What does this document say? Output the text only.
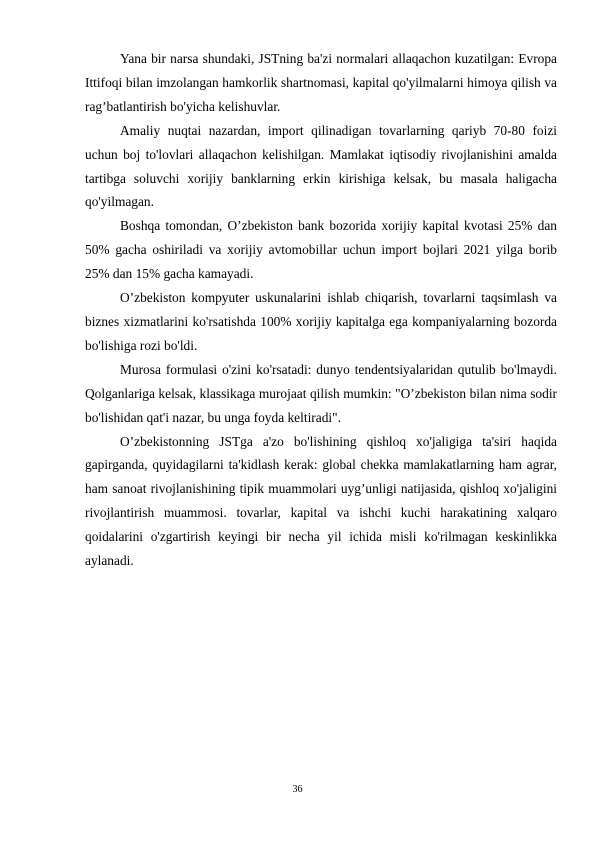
Yana bir narsa shundaki, JSTning ba'zi normalari allaqachon kuzatilgan: Evropa Ittifoqi bilan imzolangan hamkorlik shartnomasi, kapital qo'yilmalarni himoya qilish va rag’batlantirish bo'yicha kelishuvlar.

Amaliy nuqtai nazardan, import qilinadigan tovarlarning qariyb 70-80 foizi uchun boj to'lovlari allaqachon kelishilgan. Mamlakat iqtisodiy rivojlanishini amalda tartibga soluvchi xorijiy banklarning erkin kirishiga kelsak, bu masala haligacha qo'yilmagan.

Boshqa tomondan, O’zbekiston bank bozorida xorijiy kapital kvotasi 25% dan 50% gacha oshiriladi va xorijiy avtomobillar uchun import bojlari 2021 yilga borib 25% dan 15% gacha kamayadi.

O’zbekiston kompyuter uskunalarini ishlab chiqarish, tovarlarni taqsimlash va biznes xizmatlarini ko'rsatishda 100% xorijiy kapitalga ega kompaniyalarning bozorda bo'lishiga rozi bo'ldi.

Murosa formulasi o'zini ko'rsatadi: dunyo tendentsiyalaridan qutulib bo'lmaydi. Qolganlariga kelsak, klassikaga murojaat qilish mumkin: "O’zbekiston bilan nima sodir bo'lishidan qat'i nazar, bu unga foyda keltiradi".

O’zbekistonning JSTga a'zo bo'lishining qishloq xo'jaligiga ta'siri haqida gapirganda, quyidagilarni ta'kidlash kerak: global chekka mamlakatlarning ham agrar, ham sanoat rivojlanishining tipik muammolari uyg’unligi natijasida, qishloq xo'jaligini rivojlantirish muammosi. tovarlar, kapital va ishchi kuchi harakatining xalqaro qoidalarini o'zgartirish keyingi bir necha yil ichida misli ko'rilmagan keskinlikka aylanadi.

36
